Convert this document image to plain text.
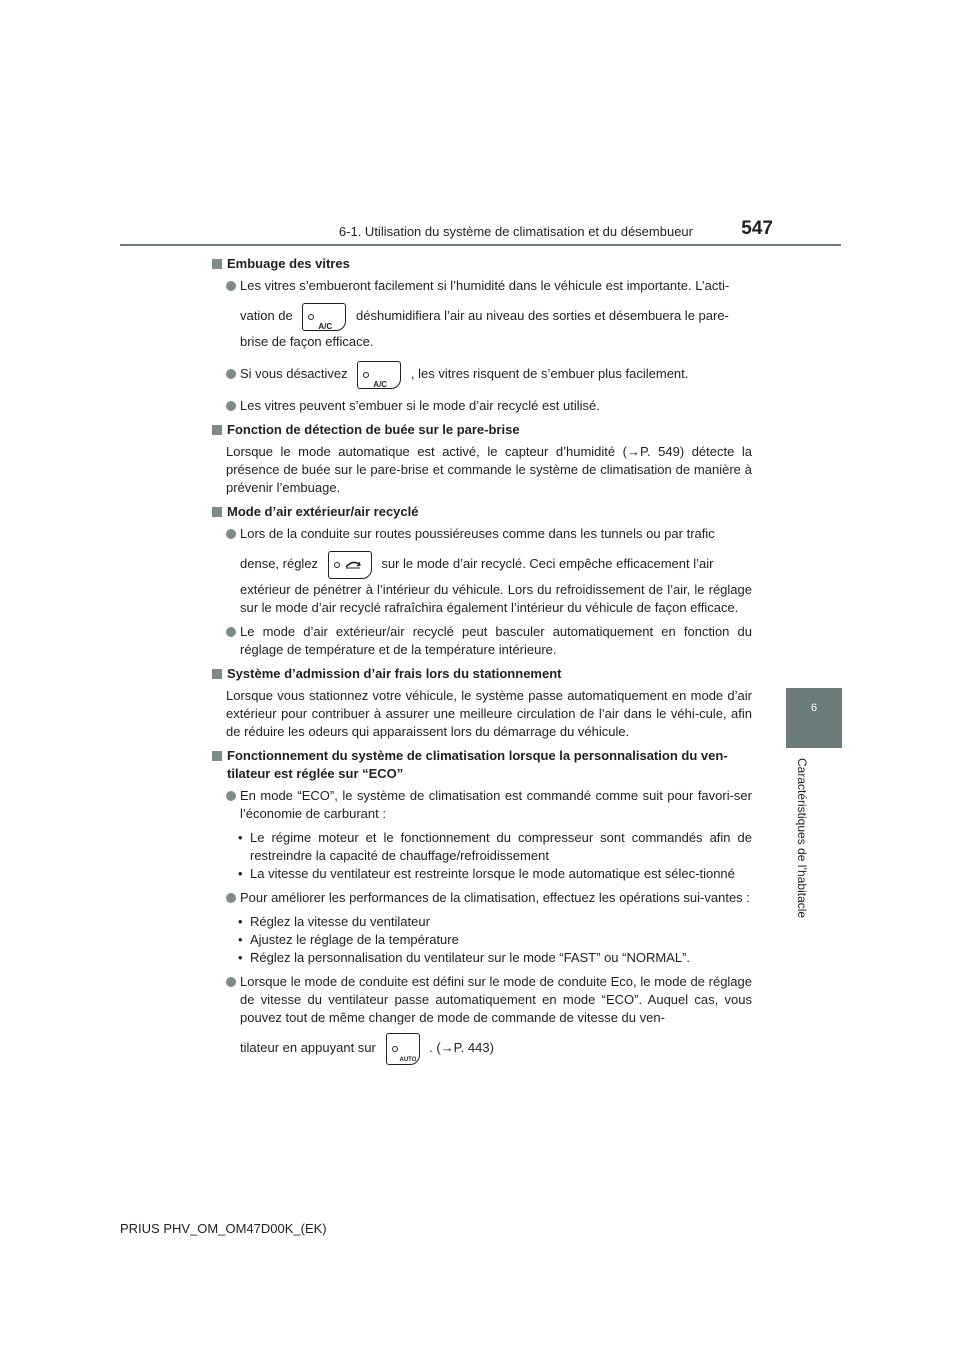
6-1. Utilisation du système de climatisation et du désembueur	547
6
Caractéristiques de l’habitacle
Embuage des vitres
Les vitres s’embueront facilement si l’humidité dans le véhicule est importante. L’acti-
vation de
A/C
déshumidifiera l’air au niveau des sorties et désembuera le pare-
brise de façon efficace.
Si vous désactivez
A/C
, les vitres risquent de s’embuer plus facilement.
Les vitres peuvent s’embuer si le mode d’air recyclé est utilisé.
Fonction de détection de buée sur le pare-brise
Lorsque le mode automatique est activé, le capteur d’humidité (→P. 549) détecte la présence de buée sur le pare-brise et commande le système de climatisation de manière à prévenir l’embuage.
Mode d’air extérieur/air recyclé
Lors de la conduite sur routes poussiéreuses comme dans les tunnels ou par trafic
dense, réglez	sur le mode d’air recyclé. Ceci empêche efficacement l’air
extérieur de pénétrer à l’intérieur du véhicule. Lors du refroidissement de l’air, le réglage sur le mode d’air recyclé rafraîchira également l’intérieur du véhicule de façon efficace.
Le mode d’air extérieur/air recyclé peut basculer automatiquement en fonction du réglage de température et de la température intérieure.
Système d’admission d’air frais lors du stationnement
Lorsque vous stationnez votre véhicule, le système passe automatiquement en mode d’air extérieur pour contribuer à assurer une meilleure circulation de l’air dans le véhi-cule, afin de réduire les odeurs qui apparaissent lors du démarrage du véhicule.
Fonctionnement du système de climatisation lorsque la personnalisation du ven-tilateur est réglée sur “ECO”
En mode “ECO”, le système de climatisation est commandé comme suit pour favori-ser l’économie de carburant :
• Le régime moteur et le fonctionnement du compresseur sont commandés afin de restreindre la capacité de chauffage/refroidissement
• La vitesse du ventilateur est restreinte lorsque le mode automatique est sélec-tionné
Pour améliorer les performances de la climatisation, effectuez les opérations sui-vantes :
• Réglez la vitesse du ventilateur
• Ajustez le réglage de la température
• Réglez la personnalisation du ventilateur sur le mode “FAST” ou “NORMAL”.
Lorsque le mode de conduite est défini sur le mode de conduite Eco, le mode de réglage de vitesse du ventilateur passe automatiquement en mode “ECO”. Auquel cas, vous pouvez tout de même changer de mode de commande de vitesse du ven-
tilateur en appuyant sur
AUTO
. (→P. 443)
PRIUS PHV_OM_OM47D00K_(EK)
